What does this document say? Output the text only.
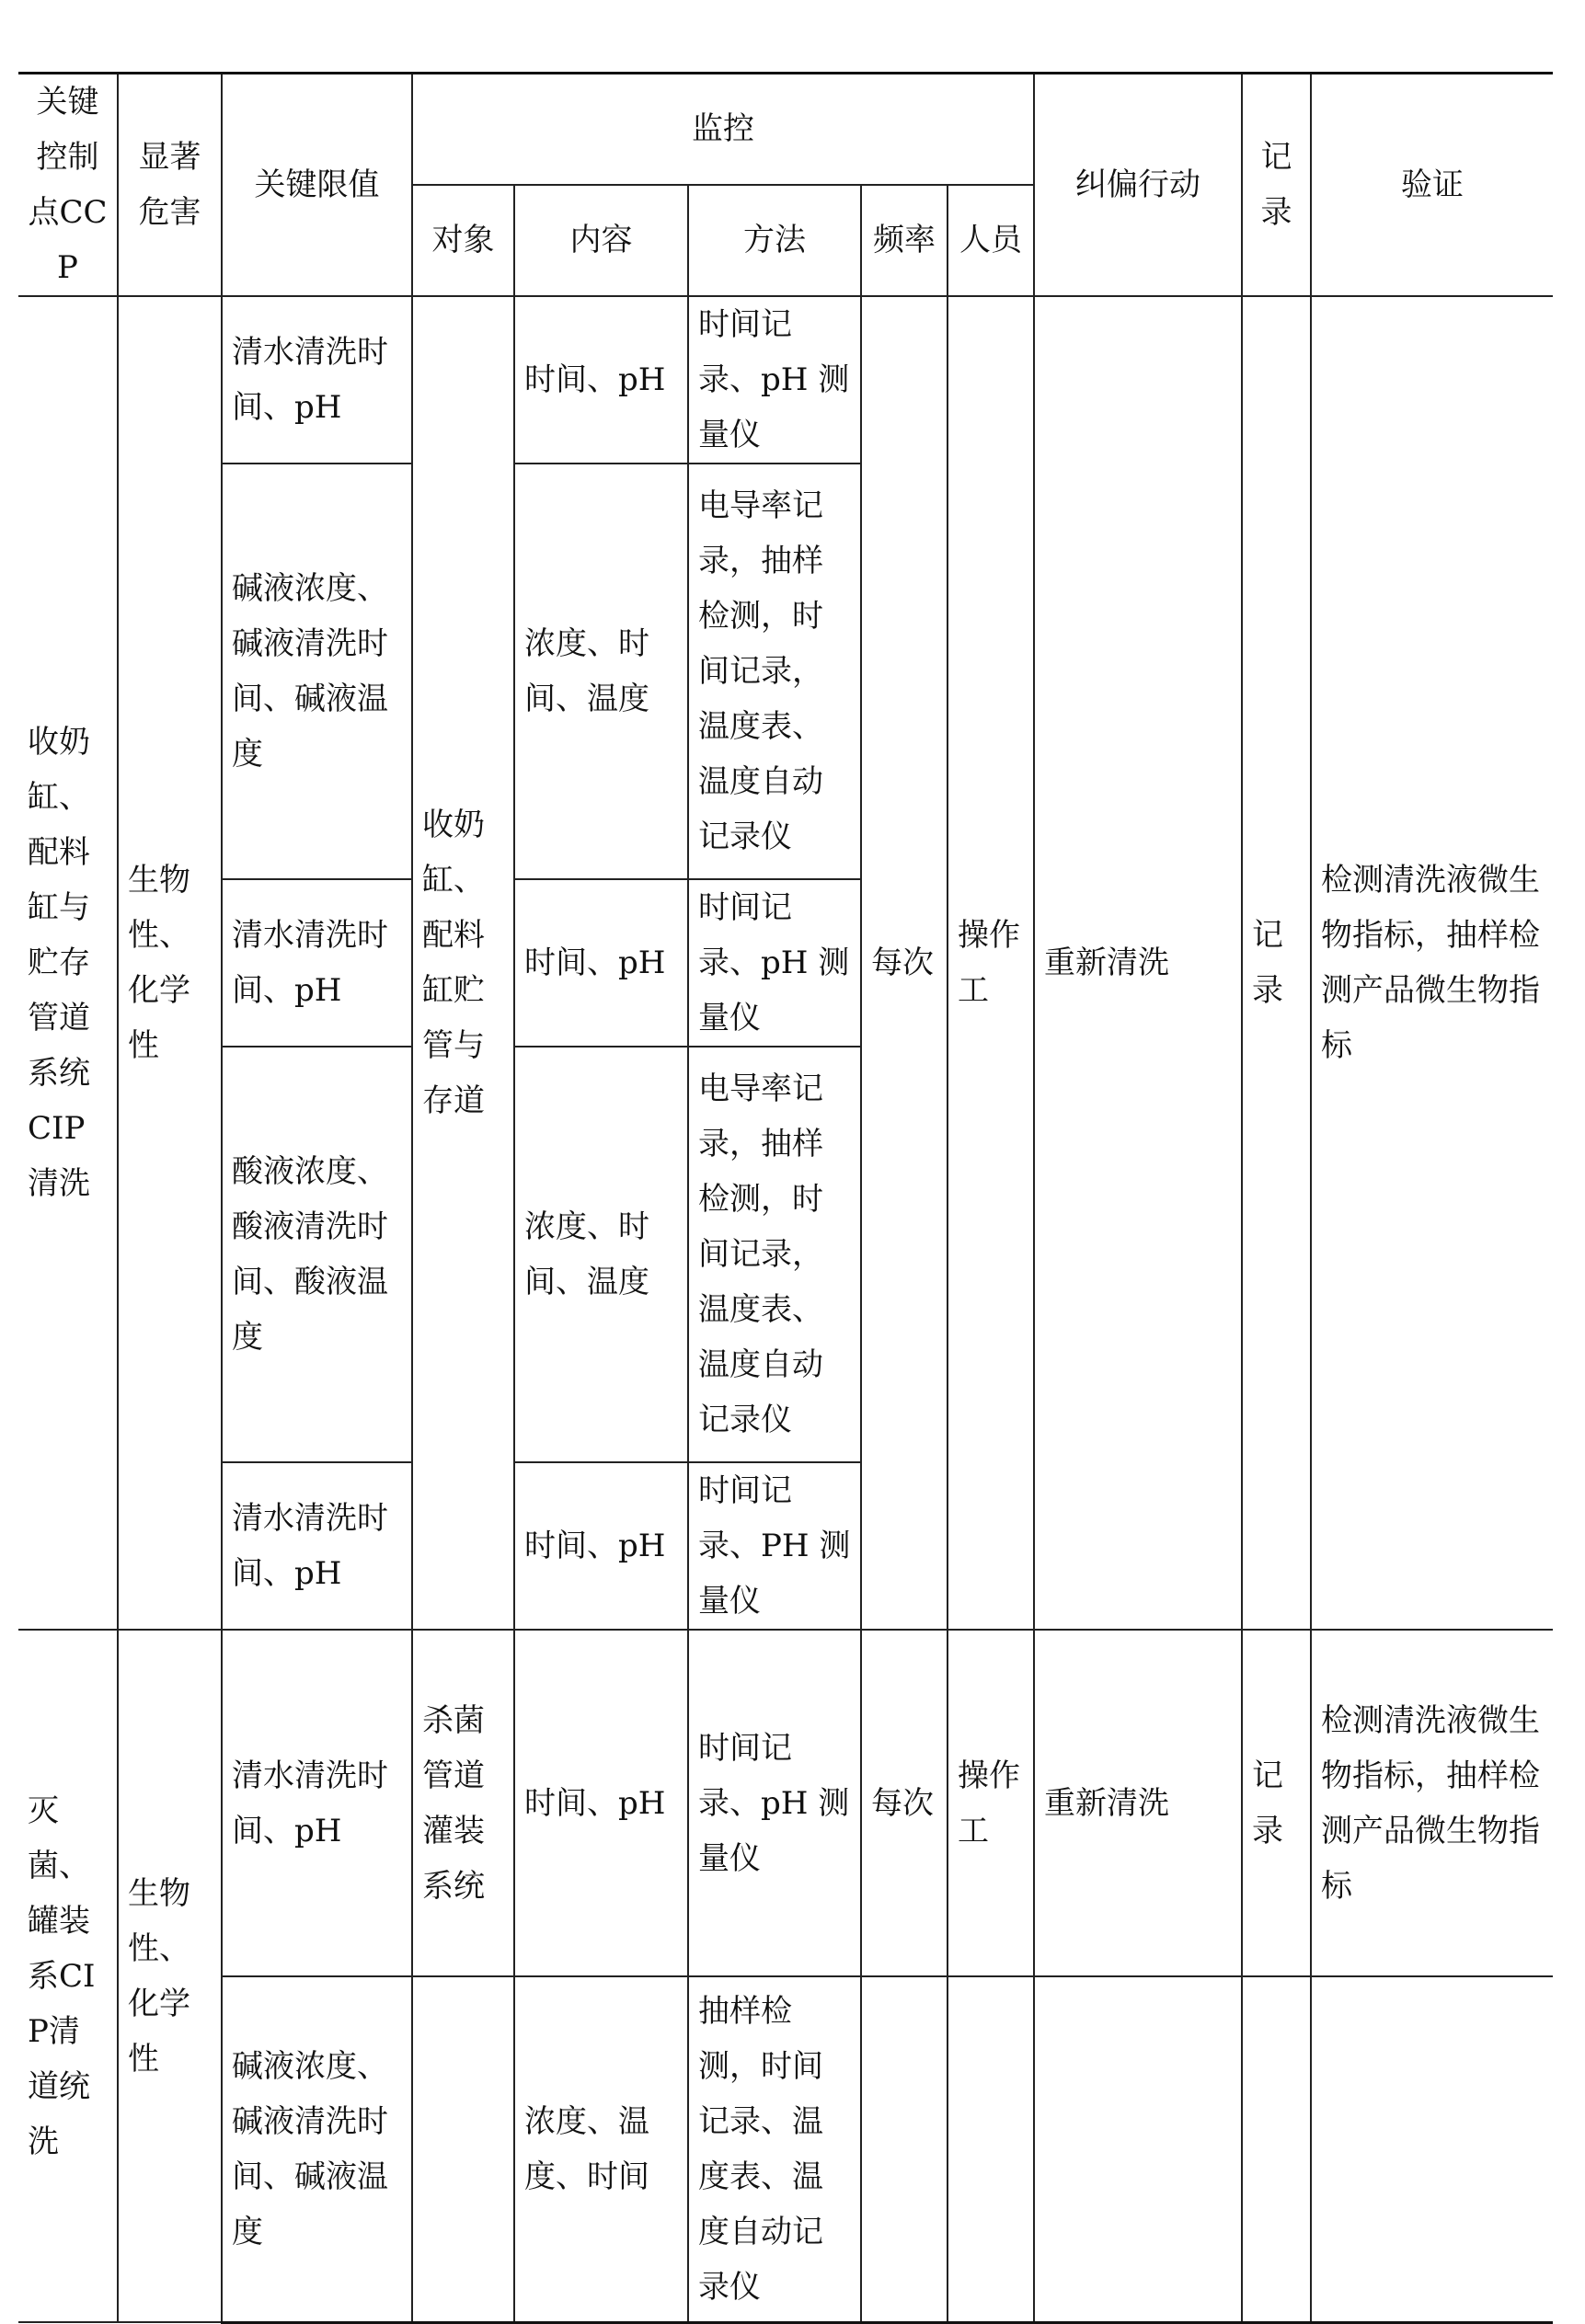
关键控制点CCP	显著危害	关键限值	监控					纠偏行动	记录	验证
			对象	内容	方法	频率	人员			
收奶缸、配料缸与贮存管道系统CIP清洗	生物性、化学性	清水清洗时间、pH	收奶缸、配料缸贮管与存道	时间、pH	时间记录、pH 测量仪	每次	操作工	重新清洗	记录	检测清洗液微生物指标，抽样检测产品微生物指标
		碱液浓度、碱液清洗时间、碱液温度		浓度、时间、温度	电导率记录，抽样检测，时间记录，温度表、温度自动记录仪					
		清水清洗时间、pH		时间、pH	时间记录、pH 测量仪					
		酸液浓度、酸液清洗时间、酸液温度		浓度、时间、温度	电导率记录，抽样检测，时间记录，温度表、温度自动记录仪					
		清水清洗时间、pH		时间、pH	时间记录、PH 测量仪					
灭菌、罐装系CIP清道统洗	生物性、化学性	清水清洗时间、pH	杀菌管道灌装系统	时间、pH	时间记录、pH 测量仪	每次	操作工	重新清洗	记录	检测清洗液微生物指标，抽样检测产品微生物指标
		碱液浓度、碱液清洗时间、碱液温度		浓度、温度、时间	抽样检测，时间记录、温度表、温度自动记录仪					
